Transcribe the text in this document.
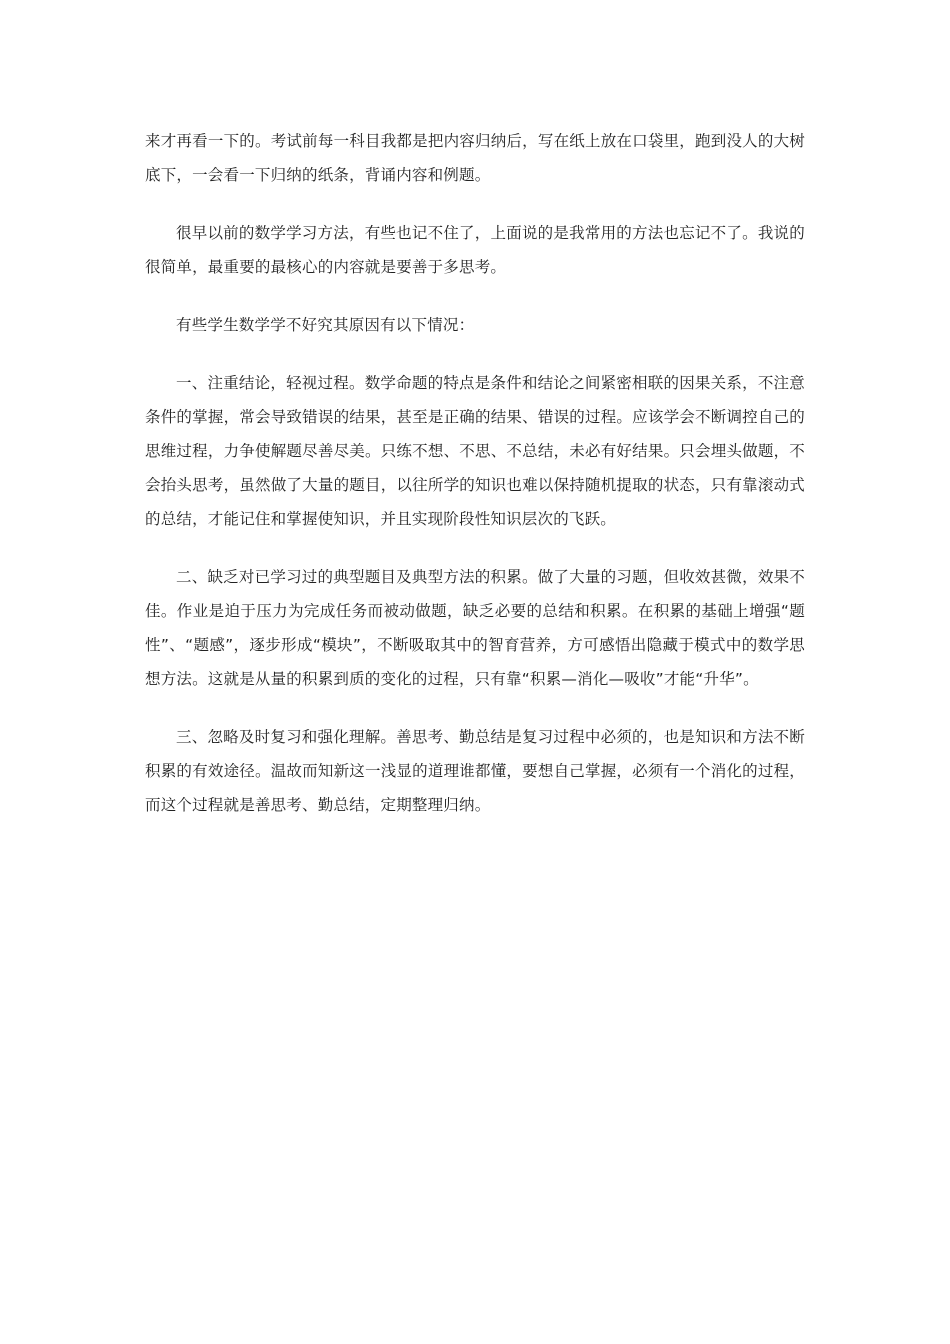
来才再看一下的。考试前每一科目我都是把内容归纳后，写在纸上放在口袋里，跑到没人的大树底下，一会看一下归纳的纸条，背诵内容和例题。

很早以前的数学学习方法，有些也记不住了，上面说的是我常用的方法也忘记不了。我说的很简单，最重要的最核心的内容就是要善于多思考。

有些学生数学学不好究其原因有以下情况：

一、注重结论，轻视过程。数学命题的特点是条件和结论之间紧密相联的因果关系，不注意条件的掌握，常会导致错误的结果，甚至是正确的结果、错误的过程。应该学会不断调控自己的思维过程，力争使解题尽善尽美。只练不想、不思、不总结，未必有好结果。只会埋头做题，不会抬头思考，虽然做了大量的题目，以往所学的知识也难以保持随机提取的状态，只有靠滚动式的总结，才能记住和掌握使知识，并且实现阶段性知识层次的飞跃。

二、缺乏对已学习过的典型题目及典型方法的积累。做了大量的习题，但收效甚微，效果不佳。作业是迫于压力为完成任务而被动做题，缺乏必要的总结和积累。在积累的基础上增强“题性”、“题感”，逐步形成“模块”，不断吸取其中的智育营养，方可感悟出隐藏于模式中的数学思想方法。这就是从量的积累到质的变化的过程，只有靠“积累—消化—吸收”才能“升华”。

三、忽略及时复习和强化理解。善思考、勤总结是复习过程中必须的，也是知识和方法不断积累的有效途径。温故而知新这一浅显的道理谁都懂，要想自己掌握，必须有一个消化的过程，而这个过程就是善思考、勤总结，定期整理归纳。
